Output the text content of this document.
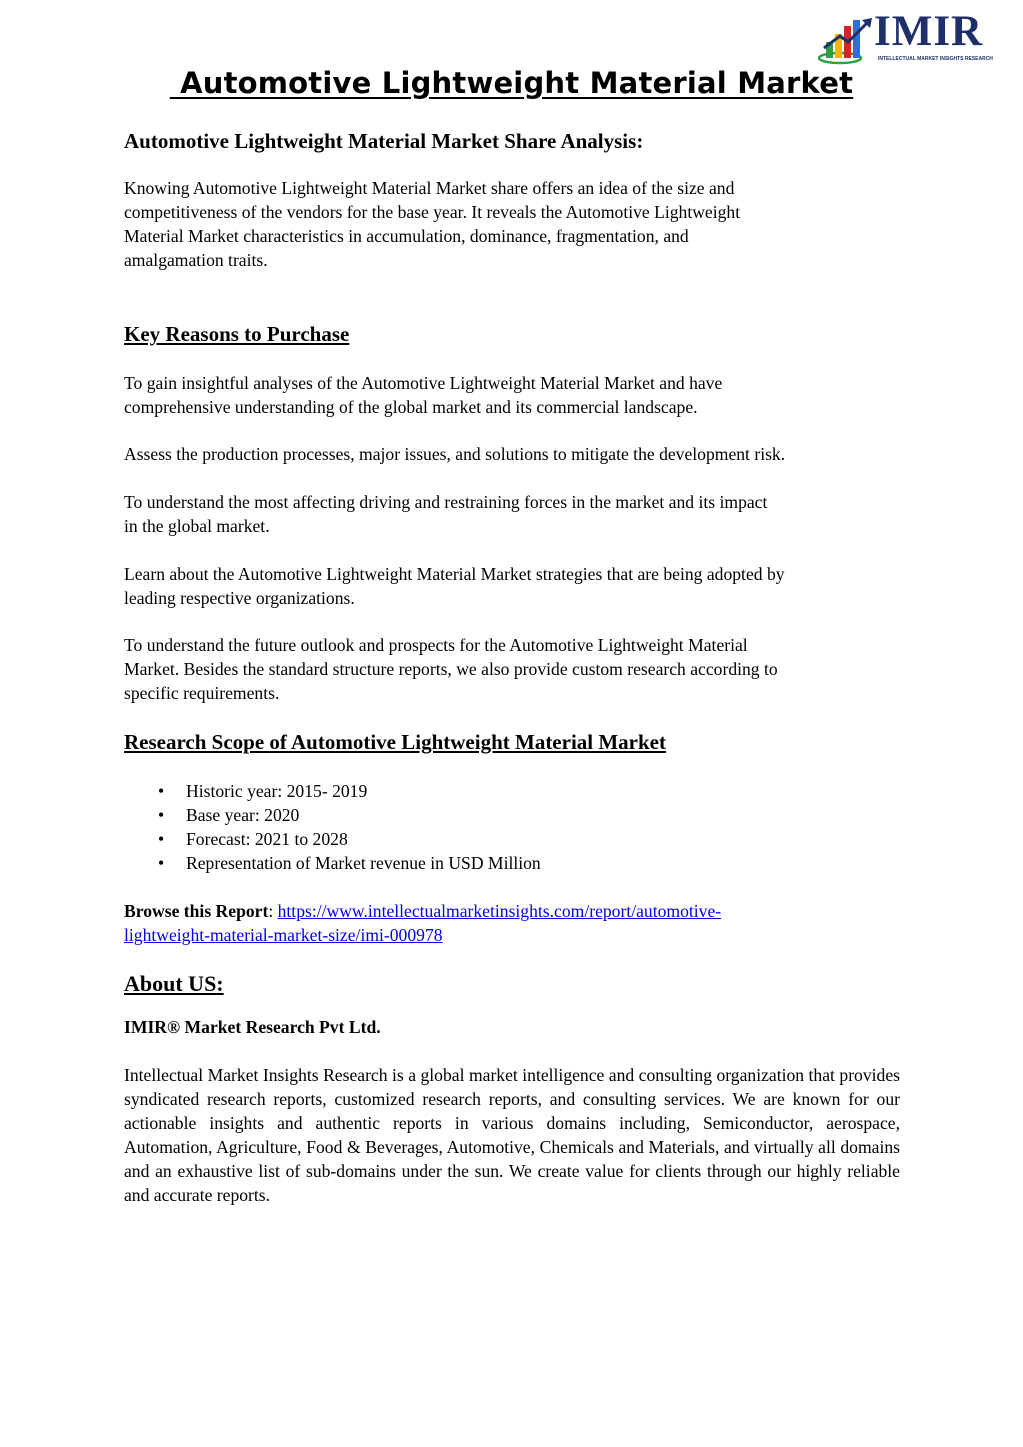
IMIR
INTELLECTUAL MARKET INSIGHTS RESEARCH
Automotive Lightweight Material Market
Automotive Lightweight Material Market Share Analysis:
Knowing Automotive Lightweight Material Market share offers an idea of the size and
competitiveness of the vendors for the base year. It reveals the Automotive Lightweight
Material Market characteristics in accumulation, dominance, fragmentation, and
amalgamation traits.
Key Reasons to Purchase
To gain insightful analyses of the Automotive Lightweight Material Market and have
comprehensive understanding of the global market and its commercial landscape.
Assess the production processes, major issues, and solutions to mitigate the development risk.
To understand the most affecting driving and restraining forces in the market and its impact
in the global market.
Learn about the Automotive Lightweight Material Market strategies that are being adopted by
leading respective organizations.
To understand the future outlook and prospects for the Automotive Lightweight Material
Market. Besides the standard structure reports, we also provide custom research according to
specific requirements.
Research Scope of Automotive Lightweight Material Market
• Historic year: 2015- 2019
• Base year: 2020
• Forecast: 2021 to 2028
• Representation of Market revenue in USD Million
Browse this Report: https://www.intellectualmarketinsights.com/report/automotive-
lightweight-material-market-size/imi-000978
About US:
IMIR® Market Research Pvt Ltd.
Intellectual Market Insights Research is a global market intelligence and consulting organization that provides syndicated research reports, customized research reports, and consulting services. We are known for our actionable insights and authentic reports in various domains including, Semiconductor, aerospace, Automation, Agriculture, Food & Beverages, Automotive, Chemicals and Materials, and virtually all domains and an exhaustive list of sub-domains under the sun. We create value for clients through our highly reliable and accurate reports.
